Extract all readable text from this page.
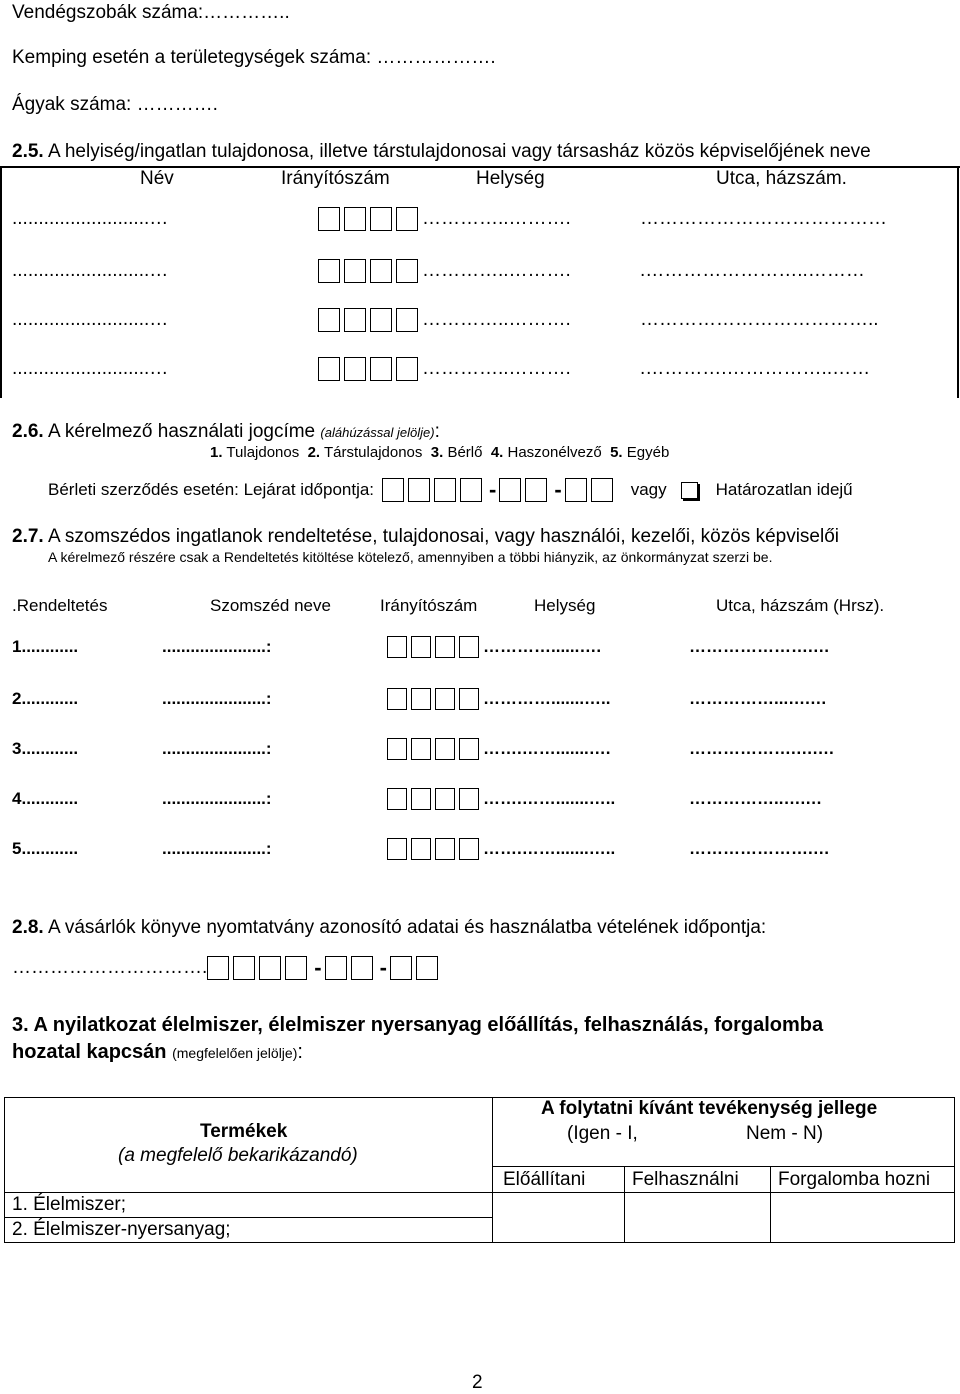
Vendégszobák száma:…………..
Kemping esetén a területegységek száma: ……………….
Ágyak száma: ………….
2.5. A helyiség/ingatlan tulajdonosa, illetve társtulajdonosai vagy társasház közös képviselőjének neve
Név	Irányítószám	Helység	Utca, házszám.
..........................…	…………..……….	…………………………………
..........................…	…………..……….	.……………………..………
..........................…	…………..……….	………………………………..
..........................…	…………..……….	.………….……………..……
2.6. A kérelmező használati jogcíme (aláhúzással jelölje):
1. Tulajdonos 2. Társtulajdonos 3. Bérlő 4. Haszonélvező 5. Egyéb
Bérleti szerződés esetén: Lejárat időpontja:	-	-	vagy	Határozatlan idejű
2.7. A szomszédos ingatlanok rendeltetése, tulajdonosai, vagy használói, kezelői, közös képviselői
A kérelmező részére csak a Rendeltetés kitöltése kötelező, amennyiben a többi hiányzik, az önkormányzat szerzi be.
.Rendeltetés	Szomszéd neve	Irányítószám	Helység	Utca, házszám (Hrsz).
1............	......................:	…………......….	………………….…
2............	......................:	………….......…..	……………...….…
3............	......................:	…….…….......….	……………….….…
4............	......................:	…….…….......…..	……………..….…
5............	......................:	…….…….......…..	………………….…
2.8. A vásárlók könyve nyomtatvány azonosító adatai és használatba vételének időpontja:
………………………….	-	-
3. A nyilatkozat élelmiszer, élelmiszer nyersanyag előállítás, felhasználás, forgalomba
hozatal kapcsán (megfelelően jelölje):
Termékek
(a megfelelő bekarikázandó)
A folytatni kívánt tevékenység jellege
(Igen - I,	Nem - N)
Előállítani Felhasználni Forgalomba hozni
1. Élelmiszer;
2. Élelmiszer-nyersanyag;
2
